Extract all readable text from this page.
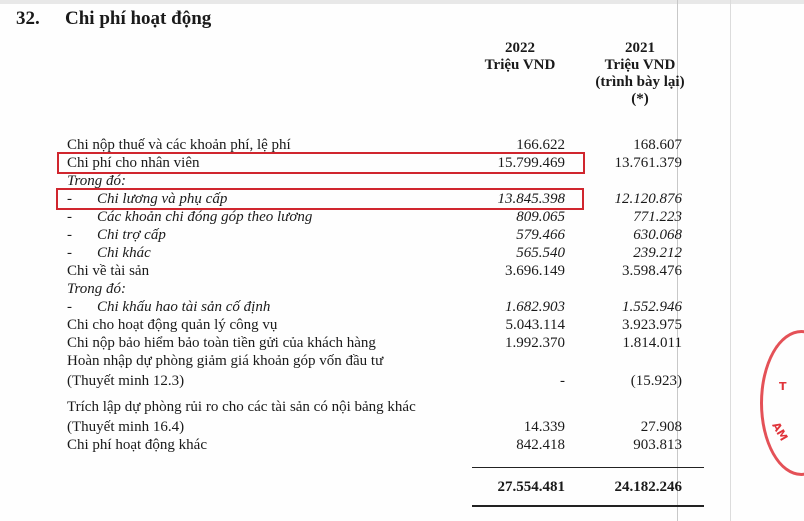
32. Chi phí hoạt động
2022
Triệu VND
2021
Triệu VND
(trình bày lại)
(*)
Chi nộp thuế và các khoản phí, lệ phí	166.622	168.607
Chi phí cho nhân viên	15.799.469	13.761.379
Trong đó:
- Chi lương và phụ cấp	13.845.398	12.120.876
- Các khoản chi đóng góp theo lương	809.065	771.223
- Chi trợ cấp	579.466	630.068
- Chi khác	565.540	239.212
Chi về tài sản	3.696.149	3.598.476
Trong đó:
- Chi khấu hao tài sản cố định	1.682.903	1.552.946
Chi cho hoạt động quản lý công vụ	5.043.114	3.923.975
Chi nộp bảo hiểm bảo toàn tiền gửi của khách hàng	1.992.370	1.814.011
Hoàn nhập dự phòng giảm giá khoản góp vốn đầu tư
(Thuyết minh 12.3)	-	(15.923)
Trích lập dự phòng rủi ro cho các tài sản có nội bảng khác
(Thuyết minh 16.4)	14.339	27.908
Chi phí hoạt động khác	842.418	903.813
27.554.481	24.182.246
T
AM
